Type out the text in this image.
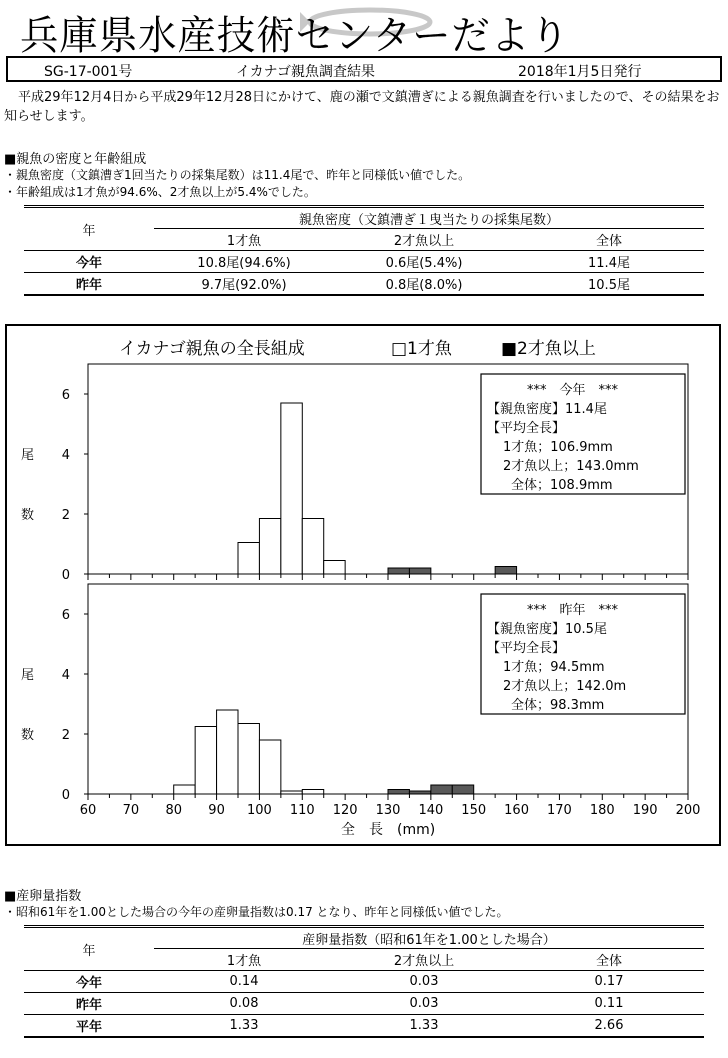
兵庫県水産技術センターだより
SG-17-001号	イカナゴ親魚調査結果	2018年1月5日発行

平成29年12月4日から平成29年12月28日にかけて、鹿の瀬で文鎮漕ぎによる親魚調査を行いましたので、その結果をお知らせします。

■親魚の密度と年齢組成
・親魚密度（文鎮漕ぎ1回当たりの採集尾数）は11.4尾で、昨年と同様低い値でした。
・年齢組成は1才魚が94.6%、2才魚以上が5.4%でした。
年	親魚密度（文鎮漕ぎ１曳当たりの採集尾数）		
	1才魚	2才魚以上	全体
今年	10.8尾(94.6%)	0.6尾(5.4%)	11.4尾
昨年	9.7尾(92.0%)	0.8尾(8.0%)	10.5尾
イカナゴ親魚の全長組成	□1才魚	■2才魚以上
0
2
4
6
尾
数
***　今年　***
【親魚密度】11.4尾
【平均全長】
1才魚；106.9mm
2才魚以上；143.0mm
全体；108.9mm
0
2
4
6
尾
数
***　昨年　***
【親魚密度】10.5尾
【平均全長】
1才魚；94.5mm
2才魚以上；142.0m
全体；98.3mm
60 70 80 90 100 110 120 130 140 150 160 170 180 190 200
全　長　(mm)
■産卵量指数
・昭和61年を1.00とした場合の今年の産卵量指数は0.17 となり、昨年と同様低い値でした。
年	産卵量指数（昭和61年を1.00とした場合）		
	1才魚	2才魚以上	全体
今年	0.14	0.03	0.17
昨年	0.08	0.03	0.11
平年	1.33	1.33	2.66
